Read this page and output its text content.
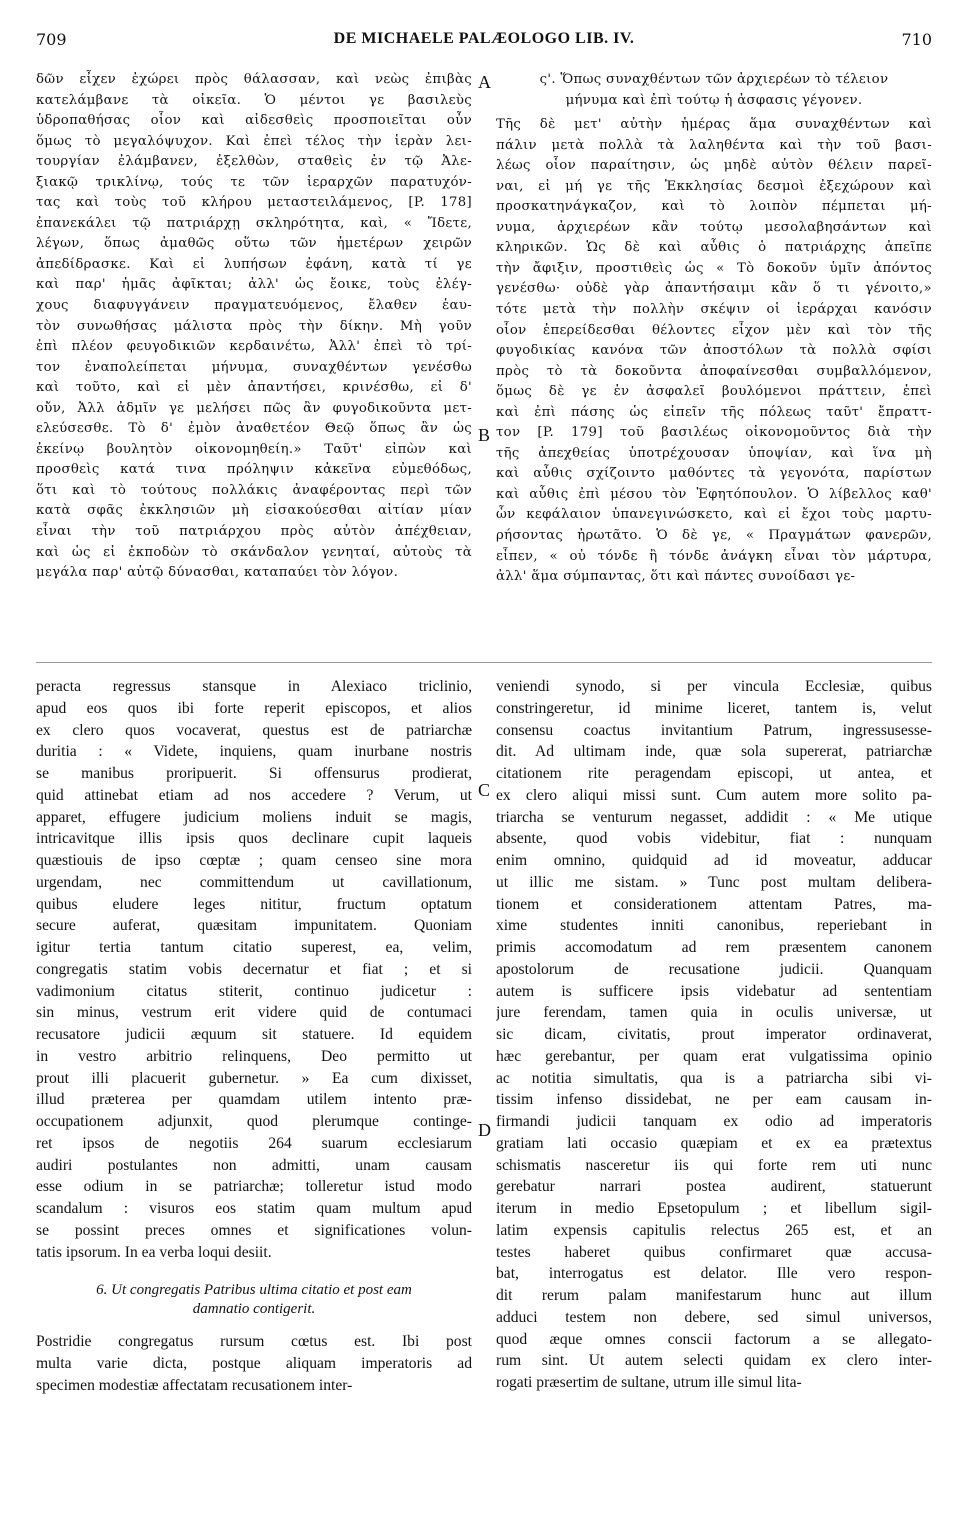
709	DE MICHAELE PALÆOLOGO LIB. IV.	710
δῶν εἶχεν ἐχώρει πρὸς θάλασσαν, καὶ νεὼς ἐπιβὰς
κατελάμβανε τὰ οἰκεῖα. Ὁ μέντοι γε βασιλεὺς
ὑδροπαθήσας οἷον καὶ αἰδεσθεὶς προσποιεῖται οὖν
ὅμως τὸ μεγαλόψυχον. Καὶ ἐπεὶ τέλος τὴν ἱερὰν λει-
τουργίαν ἐλάμβανεν, ἐξελθὼν, σταθεὶς ἐν τῷ Ἀλε-
ξιακῷ τρικλίνῳ, τούς τε τῶν ἱεραρχῶν παρατυχόν-
τας καὶ τοὺς τοῦ κλήρου μεταστειλάμενος, [P. 178]
ἐπανεκάλει τῷ πατριάρχῃ σκληρότητα, καὶ, « Ἴδετε,
λέγων, ὅπως ἀμαθῶς οὕτω τῶν ἡμετέρων χειρῶν
ἀπεδίδρασκε. Καὶ εἰ λυπήσων ἐφάνη, κατὰ τί γε
καὶ παρ' ἡμᾶς ἀφῖκται; ἀλλ' ὡς ἔοικε, τοὺς ἐλέγ-
χους διαφυγγάνειν πραγματευόμενος, ἔλαθεν ἑαυ-
τὸν συνωθήσας μάλιστα πρὸς τὴν δίκην. Μὴ γοῦν
ἐπὶ πλέον φευγοδικιῶν κερδαινέτω, Ἀλλ' ἐπεὶ τὸ τρί-
τον ἐναπολείπεται μήνυμα, συναχθέντων γενέσθω
καὶ τοῦτο, καὶ εἰ μὲν ἀπαντήσει, κρινέσθω, εἰ δ'
οὔν, Ἀλλ ἀδμῖν γε μελήσει πῶς ἂν φυγοδικοῦντα μετ-
ελεύσεσθε. Τὸ δ' ἐμὸν ἀναθετέον Θεῷ ὅπως ἂν ὡς
ἐκείνῳ βουλητὸν οἰκονομηθείη.» Ταῦτ' εἰπὼν καὶ
προσθεὶς κατά τινα πρόληψιν κἀκεῖνα εὐμεθόδως,
ὅτι καὶ τὸ τούτους πολλάκις ἀναφέροντας περὶ τῶν
κατὰ σφᾶς ἐκκλησιῶν μὴ εἰσακούεσθαι αἰτίαν μίαν
εἶναι τὴν τοῦ πατριάρχου πρὸς αὐτὸν ἀπέχθειαν,
καὶ ὡς εἰ ἐκποδὼν τὸ σκάνδαλον γενηταί, αὐτοὺς τὰ
μεγάλα παρ' αὐτῷ δύνασθαι, καταπαύει τὸν λόγον.
ς'. Ὅπως συναχθέντων τῶν ἀρχιερέων τὸ τέλειον
μήνυμα καὶ ἐπὶ τούτῳ ἡ ἀσφασις γέγονεν.
Τῆς δὲ μετ' αὐτὴν ἡμέρας ἅμα συναχθέντων καὶ
πάλιν μετὰ πολλὰ τὰ λαληθέντα καὶ τὴν τοῦ βασι-
λέως οἷον παραίτησιν, ὡς μηδὲ αὐτὸν θέλειν παρεῖ-
ναι, εἰ μή γε τῆς Ἐκκλησίας δεσμοὶ ἐξεχώρουν καὶ
προσκατηνάγκαζον, καὶ τὸ λοιπὸν πέμπεται μή-
νυμα, ἀρχιερέων κἂν τούτῳ μεσολαβησάντων καὶ
κληρικῶν. Ὡς δὲ καὶ αὖθις ὁ πατριάρχης ἀπεῖπε
τὴν ἄφιξιν, προστιθεὶς ὡς « Τὸ δοκοῦν ὑμῖν ἀπόντος
γενέσθω· οὐδὲ γὰρ ἀπαντήσαιμι κἂν ὅ τι γένοιτο,»
τότε μετὰ τὴν πολλὴν σκέψιν οἱ ἱεράρχαι κανόσιν
οἷον ἐπερείδεσθαι θέλοντες εἶχον μὲν καὶ τὸν τῆς
φυγοδικίας κανόνα τῶν ἀποστόλων τὰ πολλὰ σφίσι
πρὸς τὸ τὰ δοκοῦντα ἀποφαίνεσθαι συμβαλλόμενον,
ὅμως δὲ γε ἐν ἀσφαλεῖ βουλόμενοι πράττειν, ἐπεὶ
καὶ ἐπὶ πάσης ὡς εἰπεῖν τῆς πόλεως ταῦτ' ἔπραττ-
τον [P. 179] τοῦ βασιλέως οἰκονομοῦντος διὰ τὴν
τῆς ἀπεχθείας ὑποτρέχουσαν ὑποψίαν, καὶ ἵνα μὴ
καὶ αὖθις σχίζοιντο μαθόντες τὰ γεγονότα, παρίστων
καὶ αὖθις ἐπὶ μέσου τὸν Ἐφητόπουλον. Ὁ λίβελλος καθ'
ὧν κεφάλαιον ὑπανεγινώσκετο, καὶ εἰ ἔχοι τοὺς μαρτυ-
ρήσοντας ἠρωτᾶτο. Ὁ δὲ γε, « Πραγμάτων φανερῶν,
εἶπεν, « οὐ τόνδε ἢ τόνδε ἀνάγκη εἶναι τὸν μάρτυρα,
ἀλλ' ἅμα σύμπαντας, ὅτι καὶ πάντες συνοίδασι γε-
peracta regressus stansque in Alexiaco triclinio,
apud eos quos ibi forte reperit episcopos, et alios
ex clero quos vocaverat, questus est de patriarchæ
duritia : « Videte, inquiens, quam inurbane nostris
se manibus proripuerit. Si offensurus prodierat,
quid attinebat etiam ad nos accedere ? Verum, ut
apparet, effugere judicium moliens induit se magis,
intricavitque illis ipsis quos declinare cupit laqueis
quæstiouis de ipso cœptæ ; quam censeo sine mora
urgendam, nec committendum ut cavillationum,
quibus eludere leges nititur, fructum optatum
secure auferat, quæsitam impunitatem. Quoniam
igitur tertia tantum citatio superest, ea, velim,
congregatis statim vobis decernatur et fiat ; et si
vadimonium citatus stiterit, continuo judicetur :
sin minus, vestrum erit videre quid de contumaci
recusatore judicii æquum sit statuere. Id equidem
in vestro arbitrio relinquens, Deo permitto ut
prout illi placuerit gubernetur. » Ea cum dixisset,
illud præterea per quamdam utilem intento præ-
occupationem adjunxit, quod plerumque continge-
ret ipsos de negotiis 264 suarum ecclesiarum
audiri postulantes non admitti, unam causam
esse odium in se patriarchæ; tolleretur istud modo
scandalum : visuros eos statim quam multum apud
se possint preces omnes et significationes volun-
tatis ipsorum. In ea verba loqui desiit.
6. Ut congregatis Patribus ultima citatio et post eam
damnatio contigerit.
Postridie congregatus rursum cœtus est. Ibi post
multa varie dicta, postque aliquam imperatoris ad
specimen modestiæ affectatam recusationem inter-
veniendi synodo, si per vincula Ecclesiæ, quibus
constringeretur, id minime liceret, tantem is, velut
consensu coactus invitantium Patrum, ingressusesse-
dit. Ad ultimam inde, quæ sola supererat, patriarchæ
citationem rite peragendam episcopi, ut antea, et
ex clero aliqui missi sunt. Cum autem more solito pa-
triarcha se venturum negasset, addidit : « Me utique
absente, quod vobis videbitur, fiat : nunquam
enim omnino, quidquid ad id moveatur, adducar
ut illic me sistam. » Tunc post multam delibera-
tionem et considerationem attentam Patres, ma-
xime studentes inniti canonibus, reperiebant in
primis accomodatum ad rem præsentem canonem
apostolorum de recusatione judicii. Quanquam
autem is sufficere ipsis videbatur ad sententiam
jure ferendam, tamen quia in oculis universæ, ut
sic dicam, civitatis, prout imperator ordinaverat,
hæc gerebantur, per quam erat vulgatissima opinio
ac notitia simultatis, qua is a patriarcha sibi vi-
tissim infenso dissidebat, ne per eam causam in-
firmandi judicii tanquam ex odio ad imperatoris
gratiam lati occasio quæpiam et ex ea prætextus
schismatis nasceretur iis qui forte rem uti nunc
gerebatur narrari postea audirent, statuerunt
iterum in medio Epsetopulum ; et libellum sigil-
latim expensis capitulis relectus 265 est, et an
testes haberet quibus confirmaret quæ accusa-
bat, interrogatus est delator. Ille vero respon-
dit rerum palam manifestarum hunc aut illum
adduci testem non debere, sed simul universos,
quod æque omnes conscii factorum a se allegato-
rum sint. Ut autem selecti quidam ex clero inter-
rogati præsertim de sultane, utrum ille simul lita-
A
B
C
D
